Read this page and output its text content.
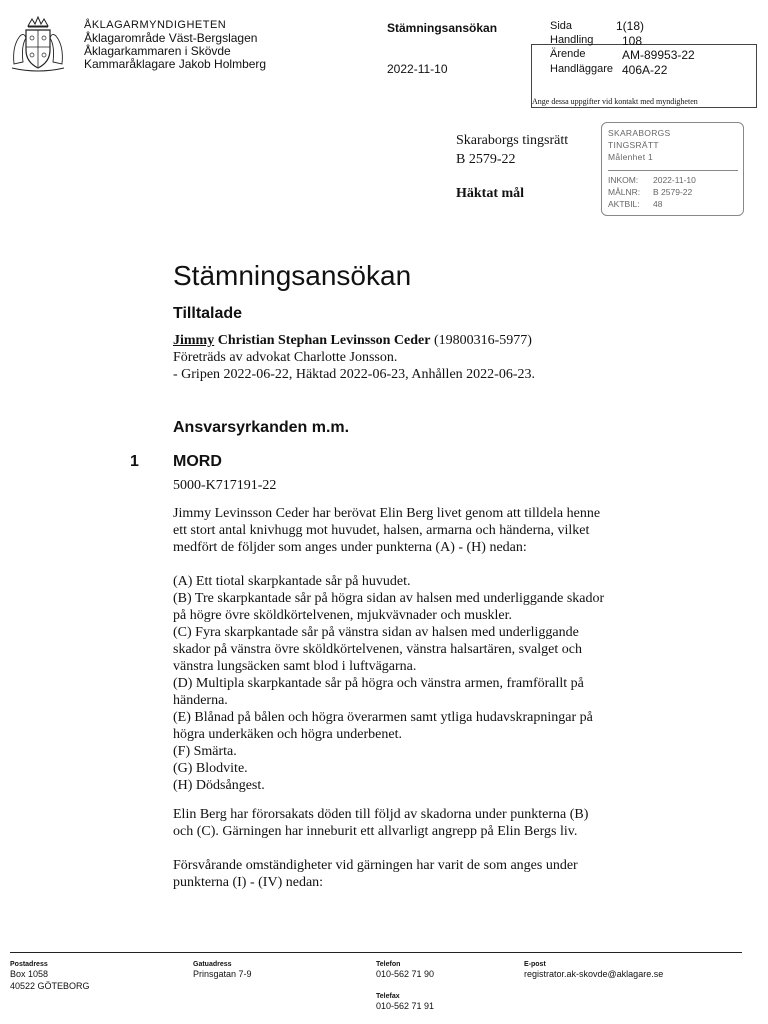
ÅKLAGARMYNDIGHETEN
Åklagarområde Väst-Bergslagen
Åklagarkammaren i Skövde
Kammaråklagare Jakob Holmberg
Stämningsansökan
2022-11-10
Sida	1(18)
Handling 108
Ärende	AM-89953-22
Handläggare 406A-22
Ange dessa uppgifter vid kontakt med myndigheten
Skaraborgs tingsrätt
B 2579-22
Häktat mål
SKARABORGS
TINGSRÄTT
Målenhet 1
INKOM: 2022-11-10
MÅLNR: B 2579-22
AKTBIL: 48
Stämningsansökan
Tilltalade
Jimmy Christian Stephan Levinsson Ceder (19800316-5977)
Företräds av advokat Charlotte Jonsson.
- Gripen 2022-06-22, Häktad 2022-06-23, Anhållen 2022-06-23.
Ansvarsyrkanden m.m.
1 MORD
5000-K717191-22
Jimmy Levinsson Ceder har berövat Elin Berg livet genom att tilldela henne
ett stort antal knivhugg mot huvudet, halsen, armarna och händerna, vilket
medfört de följder som anges under punkterna (A) - (H) nedan:
(A) Ett tiotal skarpkantade sår på huvudet.
(B) Tre skarpkantade sår på högra sidan av halsen med underliggande skador
på högre övre sköldkörtelvenen, mjukvävnader och muskler.
(C) Fyra skarpkantade sår på vänstra sidan av halsen med underliggande
skador på vänstra övre sköldkörtelvenen, vänstra halsartären, svalget och
vänstra lungsäcken samt blod i luftvägarna.
(D) Multipla skarpkantade sår på högra och vänstra armen, framförallt på
händerna.
(E) Blånad på bålen och högra överarmen samt ytliga hudavskrapningar på
högra underkäken och högra underbenet.
(F) Smärta.
(G) Blodvite.
(H) Dödsångest.
Elin Berg har förorsakats döden till följd av skadorna under punkterna (B)
och (C). Gärningen har inneburit ett allvarligt angrepp på Elin Bergs liv.
Försvårande omständigheter vid gärningen har varit de som anges under
punkterna (I) - (IV) nedan:
Postadress
Box 1058
40522 GÖTEBORG
Gatuadress
Prinsgatan 7-9
Telefon
010-562 71 90
Telefax
010-562 71 91
E-post
registrator.ak-skovde@aklagare.se
